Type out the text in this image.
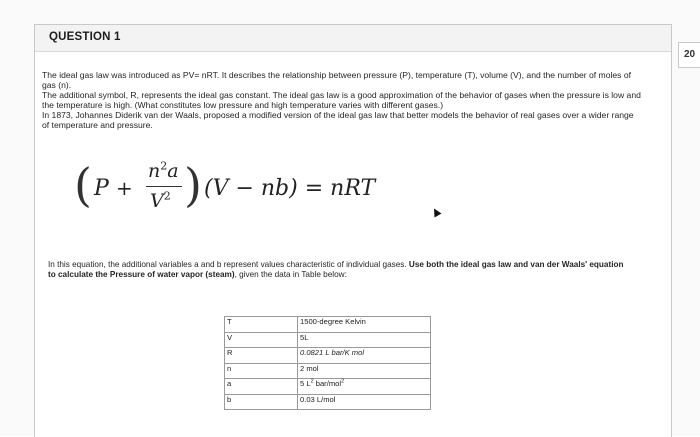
QUESTION 1
20
The ideal gas law was introduced as PV= nRT. It describes the relationship between pressure (P), temperature (T), volume (V), and the number of moles of gas (n).
The additional symbol, R, represents the ideal gas constant. The ideal gas law is a good approximation of the behavior of gases when the pressure is low and the temperature is high. (What constitutes low pressure and high temperature varies with different gases.)
In 1873, Johannes Diderik van der Waals, proposed a modified version of the ideal gas law that better models the behavior of real gases over a wider range of temperature and pressure.
( P +
$n^2a$
$V^2$ ) (V − nb) = nRT
In this equation, the additional variables a and b represent values characteristic of individual gases. Use both the ideal gas law and van der Waals' equation to calculate the Pressure of water vapor (steam), given the data in Table below:
T	1500-degree Kelvin
V	5L
R	0.0821 L bar/K mol
n	2 mol
a	5 $L^2$ bar/mol$^2$
b	0.03 L/mol
